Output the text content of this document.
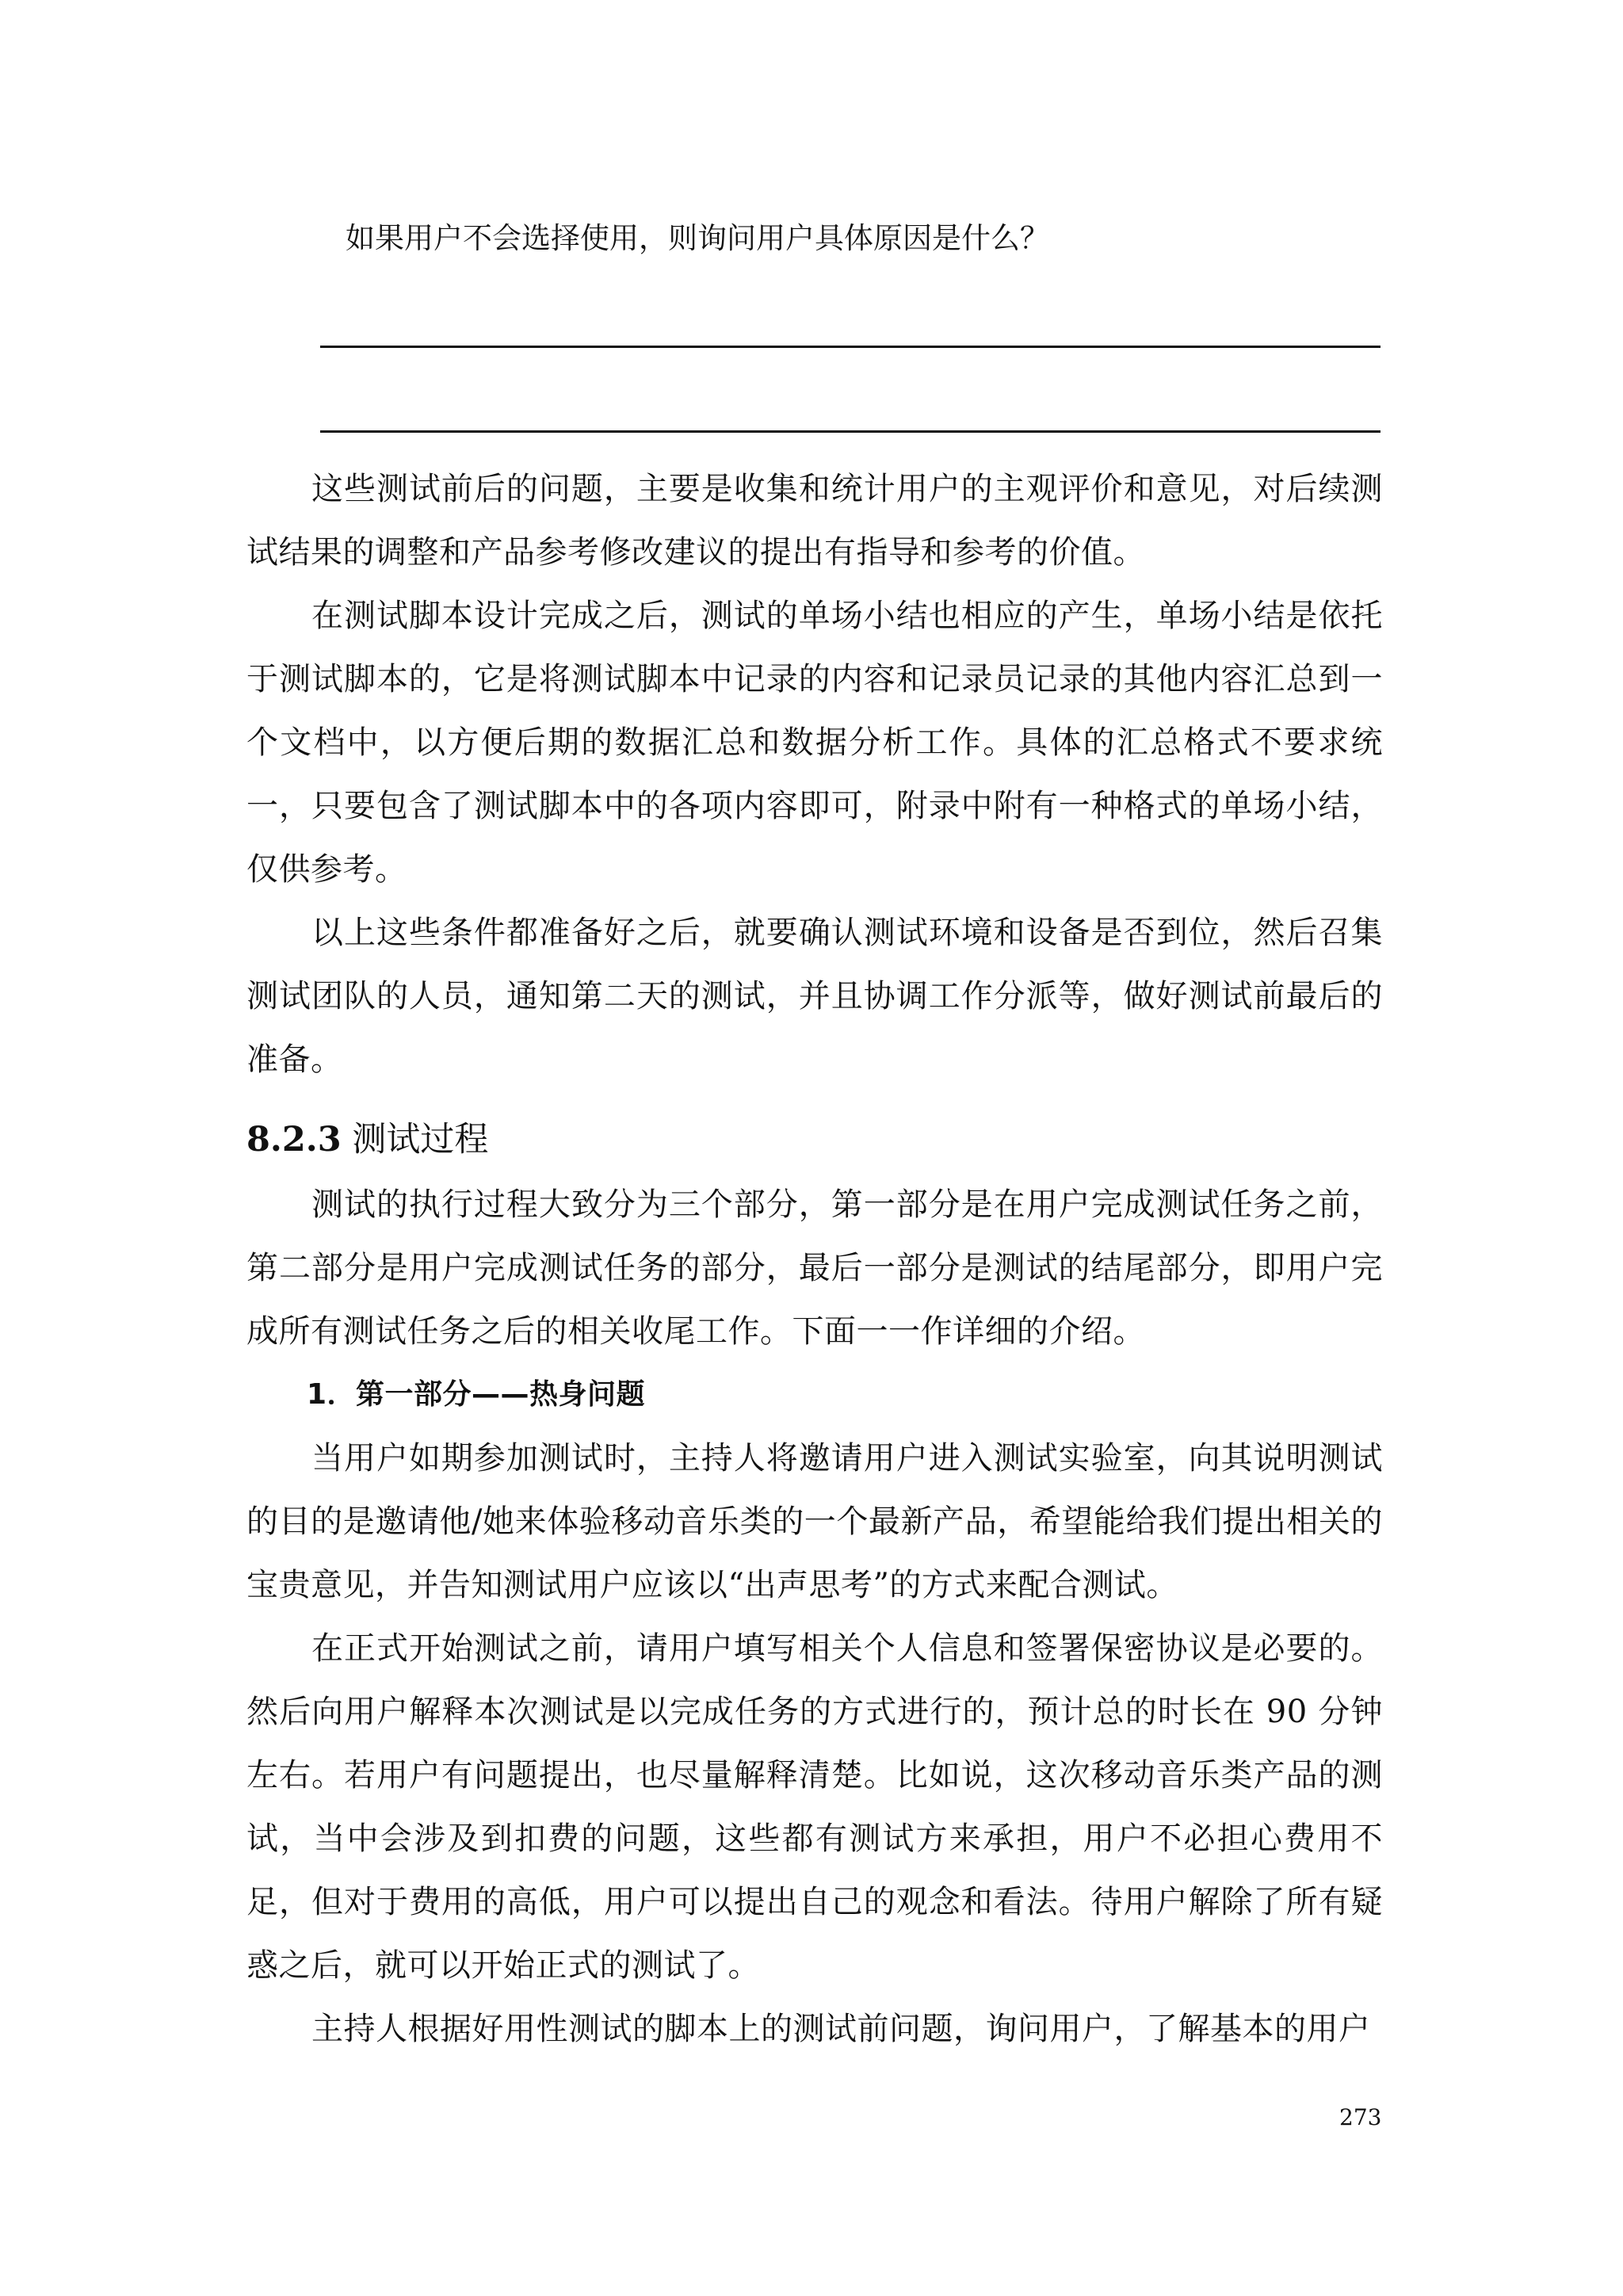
如果用户不会选择使用，则询问用户具体原因是什么？

这些测试前后的问题，主要是收集和统计用户的主观评价和意见，对后续测试结果的调整和产品参考修改建议的提出有指导和参考的价值。

在测试脚本设计完成之后，测试的单场小结也相应的产生，单场小结是依托于测试脚本的，它是将测试脚本中记录的内容和记录员记录的其他内容汇总到一个文档中，以方便后期的数据汇总和数据分析工作。具体的汇总格式不要求统一，只要包含了测试脚本中的各项内容即可，附录中附有一种格式的单场小结，仅供参考。

以上这些条件都准备好之后，就要确认测试环境和设备是否到位，然后召集测试团队的人员，通知第二天的测试，并且协调工作分派等，做好测试前最后的准备。

8.2.3 测试过程

测试的执行过程大致分为三个部分，第一部分是在用户完成测试任务之前，第二部分是用户完成测试任务的部分，最后一部分是测试的结尾部分，即用户完成所有测试任务之后的相关收尾工作。下面一一作详细的介绍。

1．第一部分——热身问题

当用户如期参加测试时，主持人将邀请用户进入测试实验室，向其说明测试的目的是邀请他/她来体验移动音乐类的一个最新产品，希望能给我们提出相关的宝贵意见，并告知测试用户应该以“出声思考”的方式来配合测试。

在正式开始测试之前，请用户填写相关个人信息和签署保密协议是必要的。然后向用户解释本次测试是以完成任务的方式进行的，预计总的时长在 90 分钟左右。若用户有问题提出，也尽量解释清楚。比如说，这次移动音乐类产品的测试，当中会涉及到扣费的问题，这些都有测试方来承担，用户不必担心费用不足，但对于费用的高低，用户可以提出自己的观念和看法。待用户解除了所有疑惑之后，就可以开始正式的测试了。

主持人根据好用性测试的脚本上的测试前问题，询问用户，了解基本的用户

273
